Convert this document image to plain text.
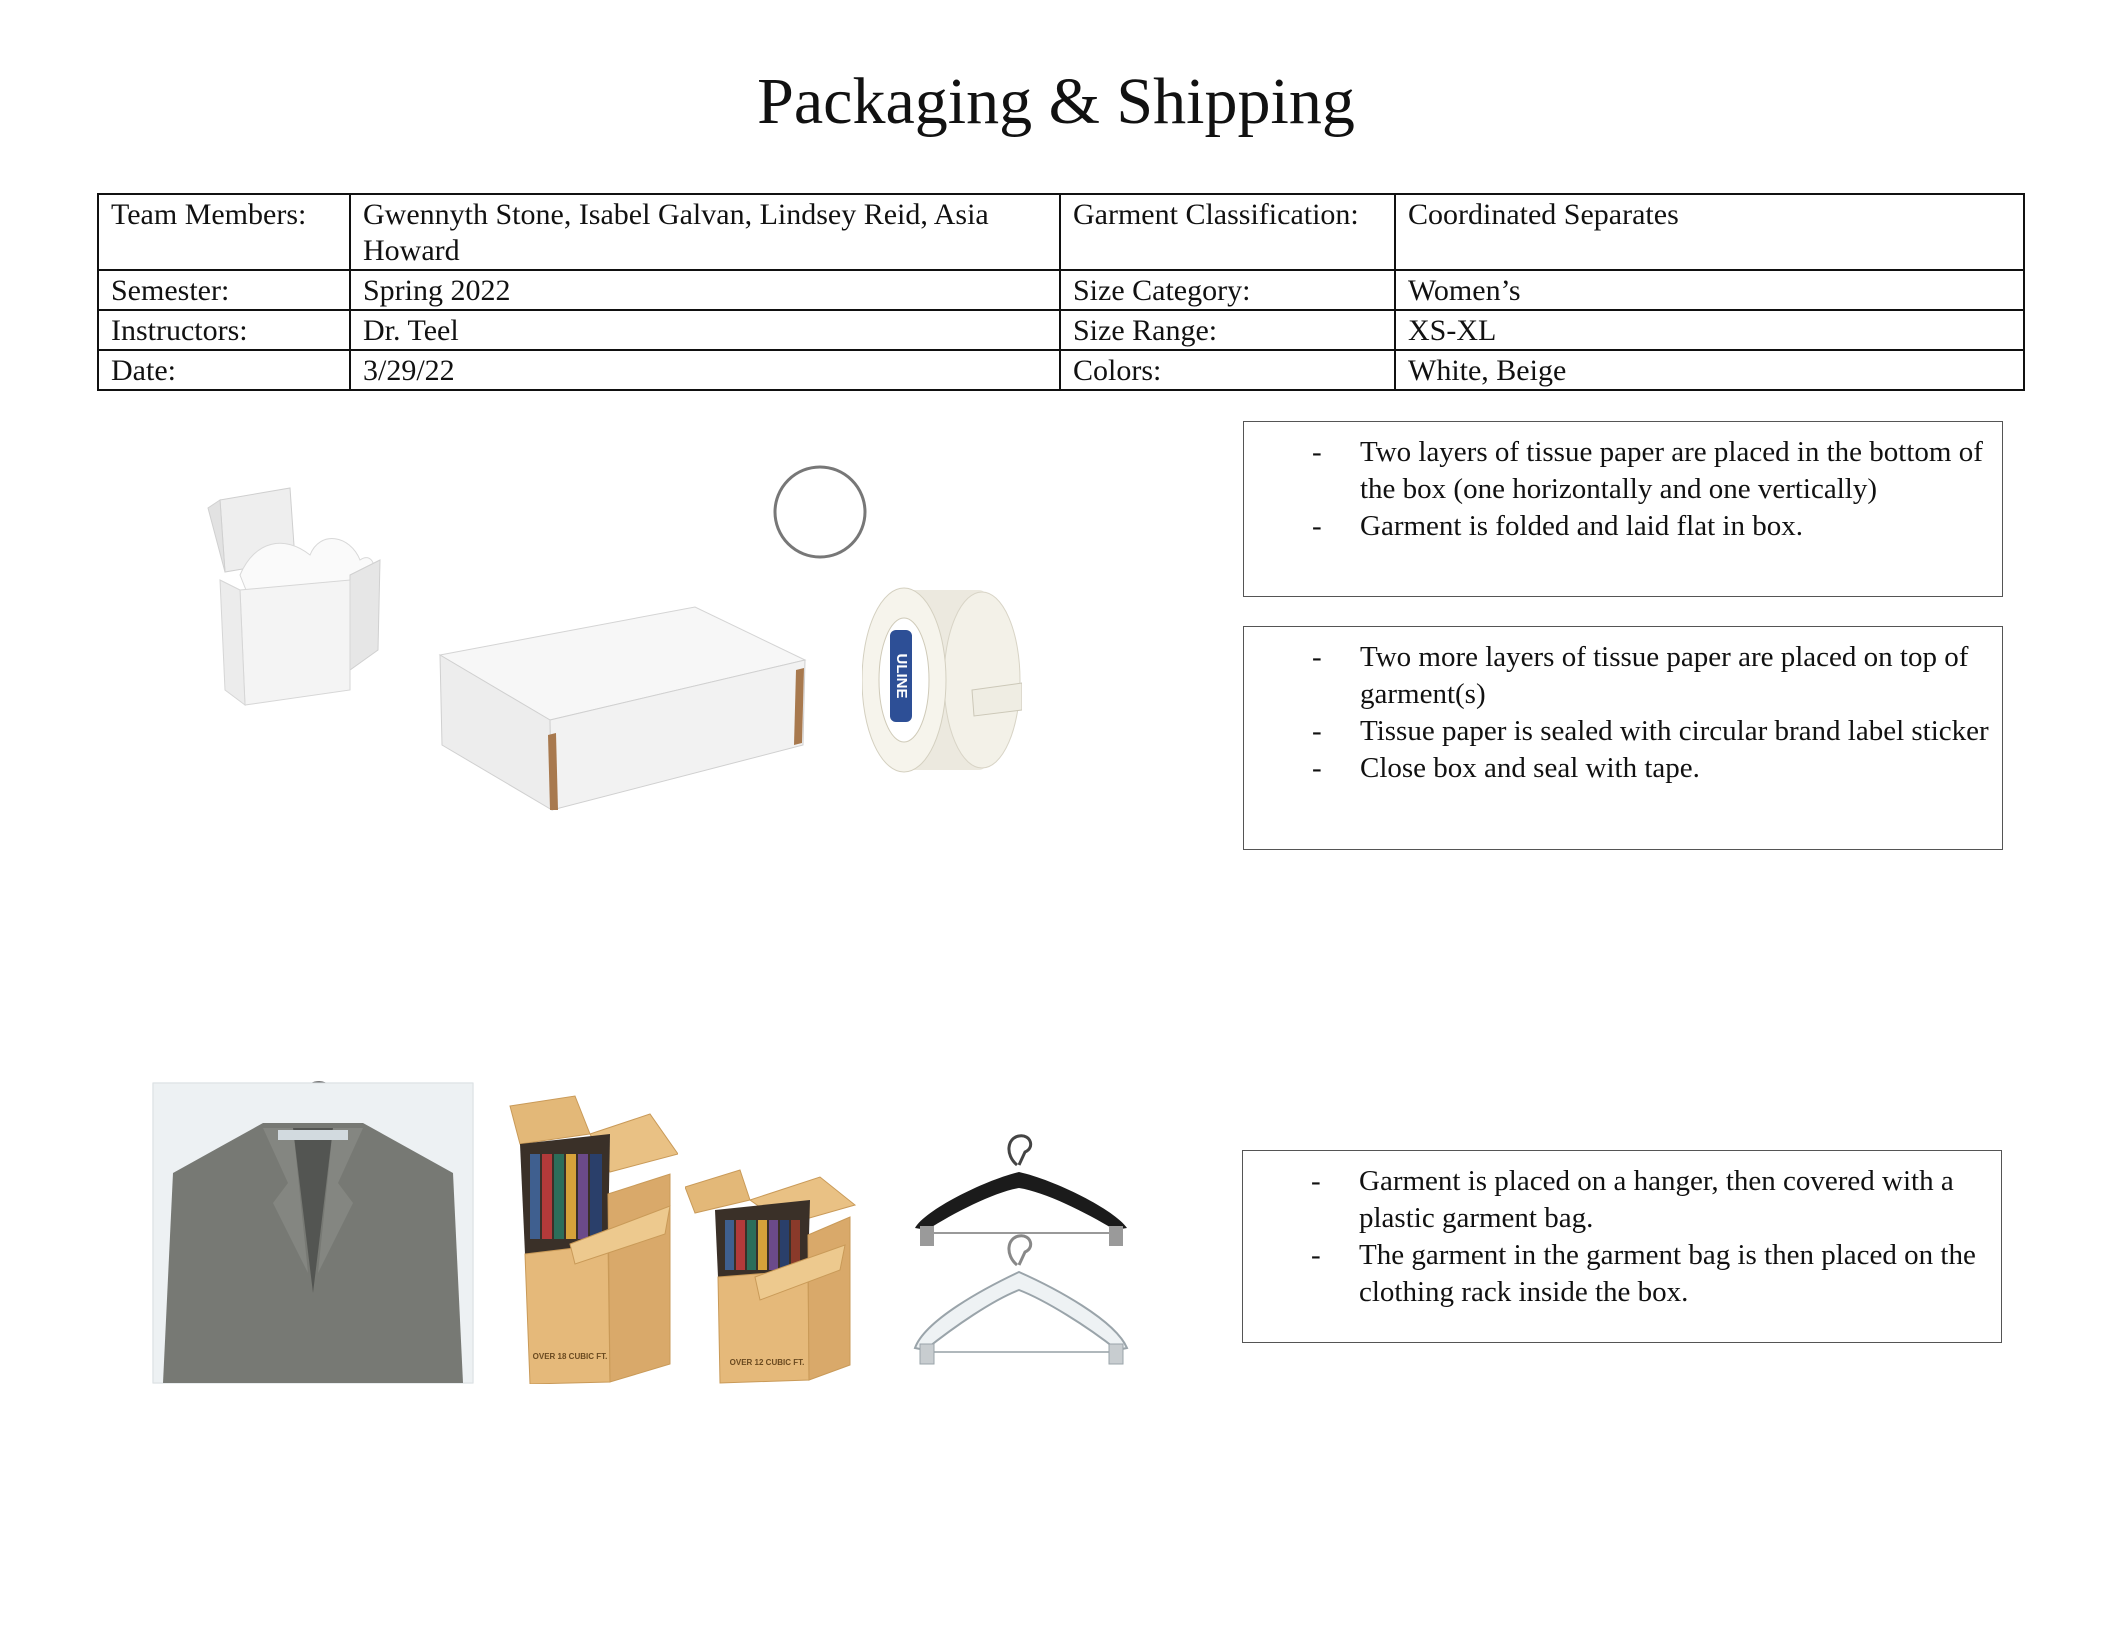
Packaging & Shipping
Team Members:	Gwennyth Stone, Isabel Galvan, Lindsey Reid, Asia Howard	Garment Classification:	Coordinated Separates
Semester:	Spring 2022	Size Category:	Women’s
Instructors:	Dr. Teel	Size Range:	XS-XL
Date:	3/29/22	Colors:	White, Beige
ULINE
- Two layers of tissue paper are placed in the bottom of the box (one horizontally and one vertically)
- Garment is folded and laid flat in box.
- Two more layers of tissue paper are placed on top of garment(s)
- Tissue paper is sealed with circular brand label sticker
- Close box and seal with tape.
- Garment is placed on a hanger, then covered with a plastic garment bag.
- The garment in the garment bag is then placed on the clothing rack inside the box.
OVER 18 CUBIC FT.
OVER 12 CUBIC FT.
